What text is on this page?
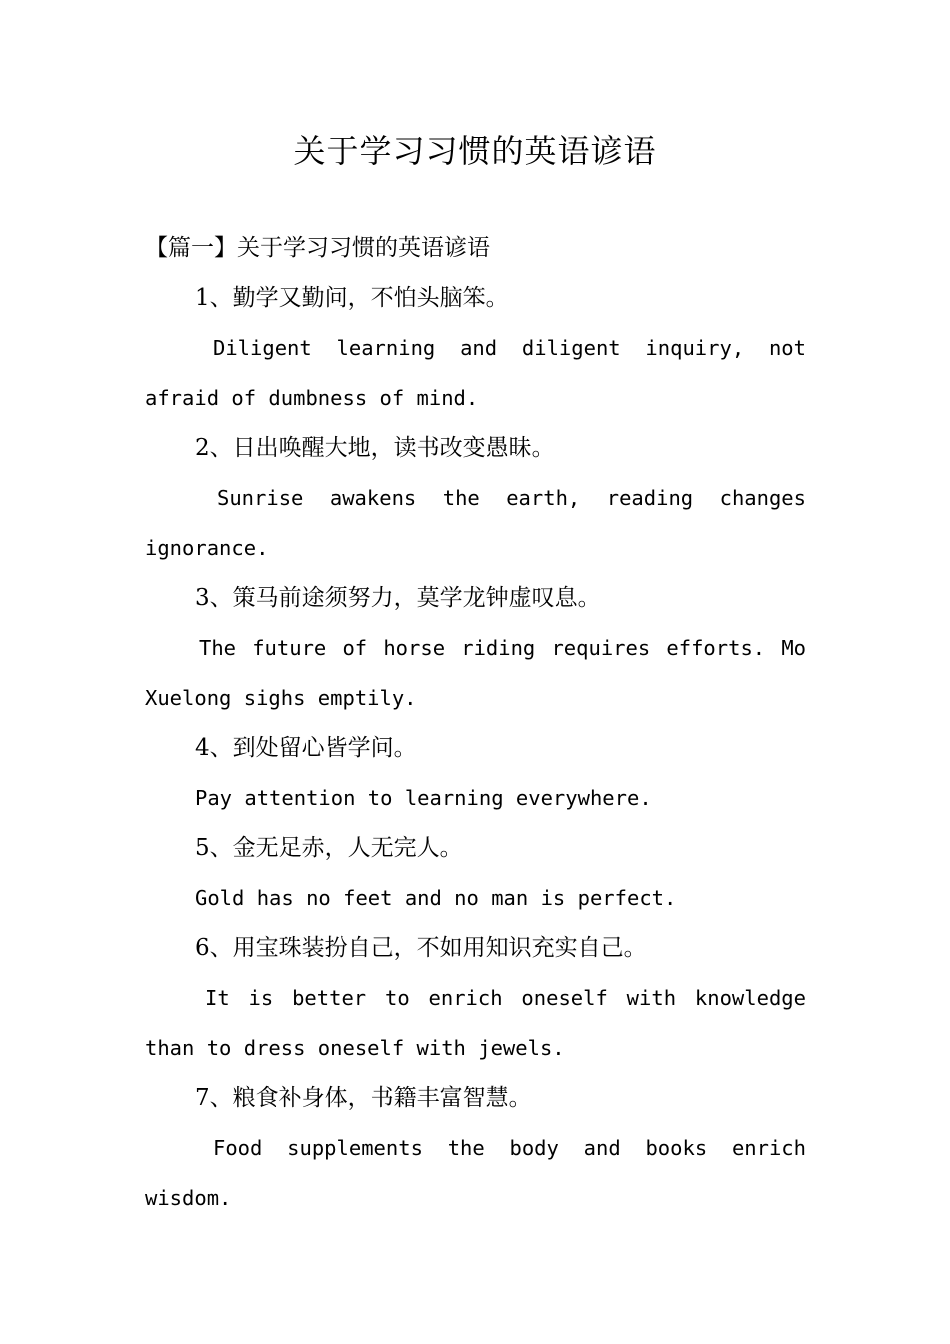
关于学习习惯的英语谚语
【篇一】关于学习习惯的英语谚语
1、勤学又勤问，不怕头脑笨。
Diligent learning and diligent inquiry, not
afraid of dumbness of mind.
2、日出唤醒大地，读书改变愚昧。
Sunrise awakens the earth, reading changes
ignorance.
3、策马前途须努力，莫学龙钟虚叹息。
The future of horse riding requires efforts. Mo
Xuelong sighs emptily.
4、到处留心皆学问。
Pay attention to learning everywhere.
5、金无足赤，人无完人。
Gold has no feet and no man is perfect.
6、用宝珠装扮自己，不如用知识充实自己。
It is better to enrich oneself with knowledge
than to dress oneself with jewels.
7、粮食补身体，书籍丰富智慧。
Food supplements the body and books enrich
wisdom.
